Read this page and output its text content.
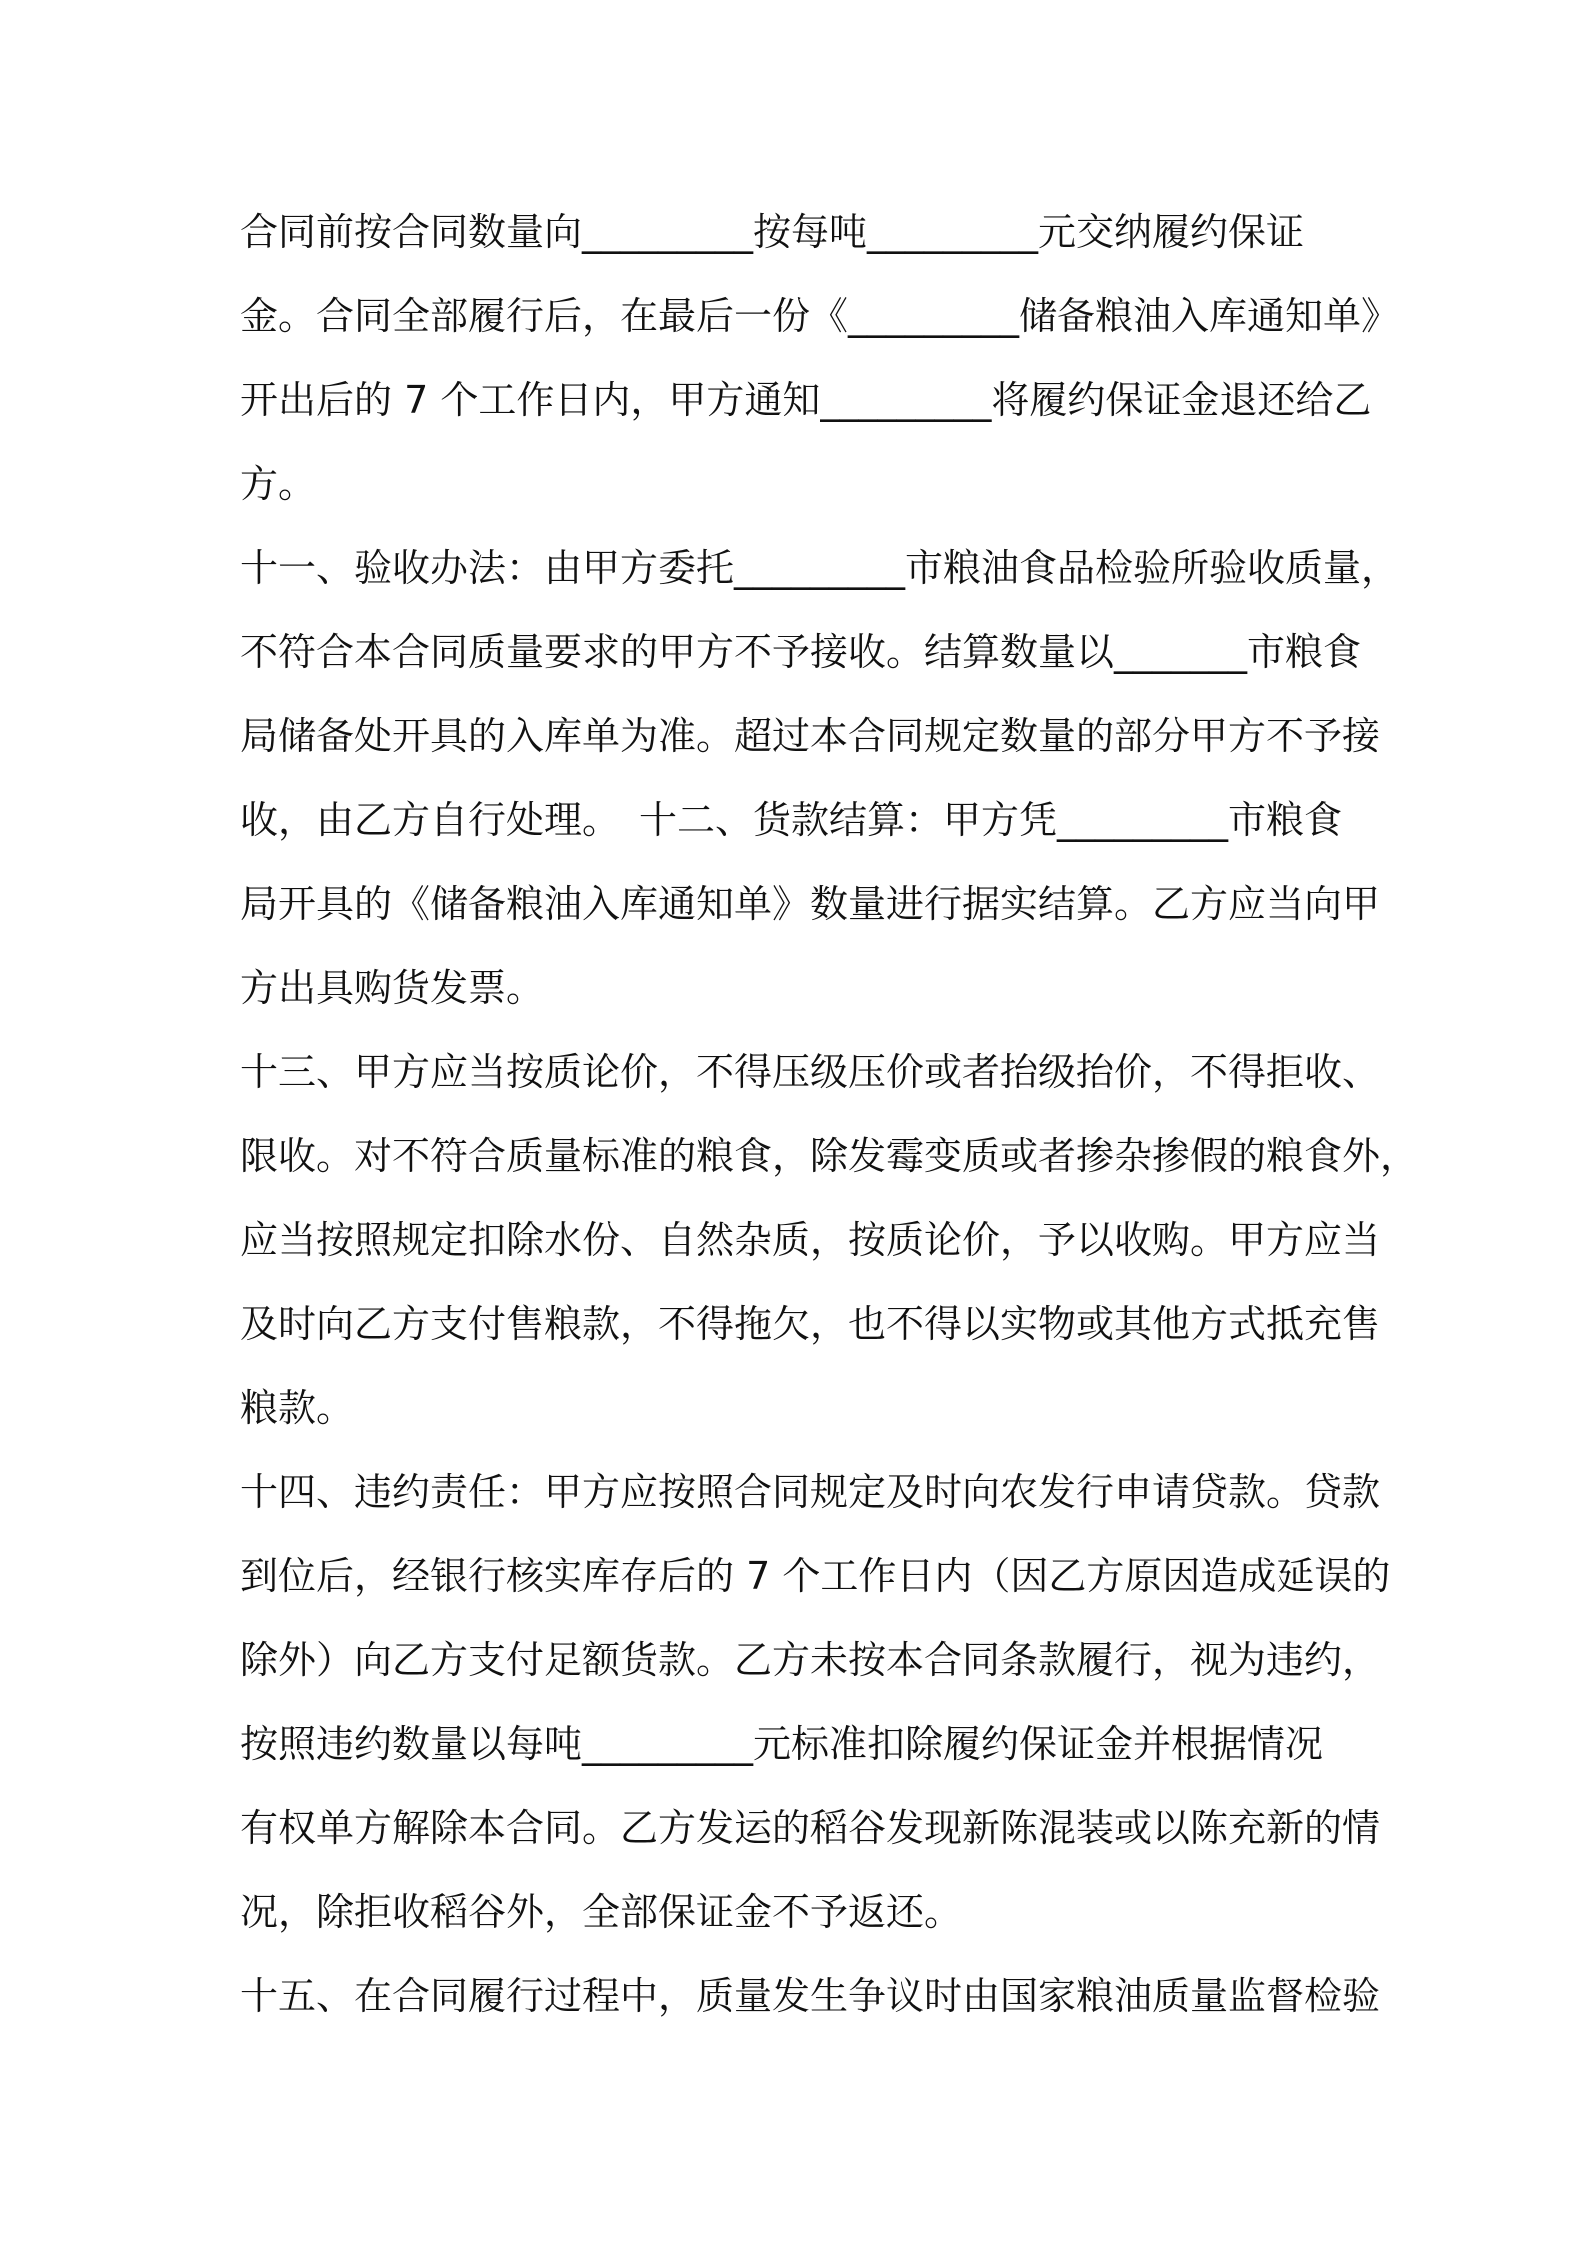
合同前按合同数量向_________按每吨_________元交纳履约保证
金。合同全部履行后，在最后一份《_________储备粮油入库通知单》
开出后的 7 个工作日内，甲方通知_________将履约保证金退还给乙
方。
十一、验收办法：由甲方委托_________市粮油食品检验所验收质量，
不符合本合同质量要求的甲方不予接收。结算数量以_______市粮食
局储备处开具的入库单为准。超过本合同规定数量的部分甲方不予接
收，由乙方自行处理。　十二、货款结算：甲方凭_________市粮食
局开具的《储备粮油入库通知单》数量进行据实结算。乙方应当向甲
方出具购货发票。
十三、甲方应当按质论价，不得压级压价或者抬级抬价，不得拒收、
限收。对不符合质量标准的粮食，除发霉变质或者掺杂掺假的粮食外，
应当按照规定扣除水份、自然杂质，按质论价，予以收购。甲方应当
及时向乙方支付售粮款，不得拖欠，也不得以实物或其他方式抵充售
粮款。
十四、违约责任：甲方应按照合同规定及时向农发行申请贷款。贷款
到位后，经银行核实库存后的 7 个工作日内（因乙方原因造成延误的
除外）向乙方支付足额货款。乙方未按本合同条款履行，视为违约，
按照违约数量以每吨_________元标准扣除履约保证金并根据情况
有权单方解除本合同。乙方发运的稻谷发现新陈混装或以陈充新的情
况，除拒收稻谷外，全部保证金不予返还。
十五、在合同履行过程中，质量发生争议时由国家粮油质量监督检验
